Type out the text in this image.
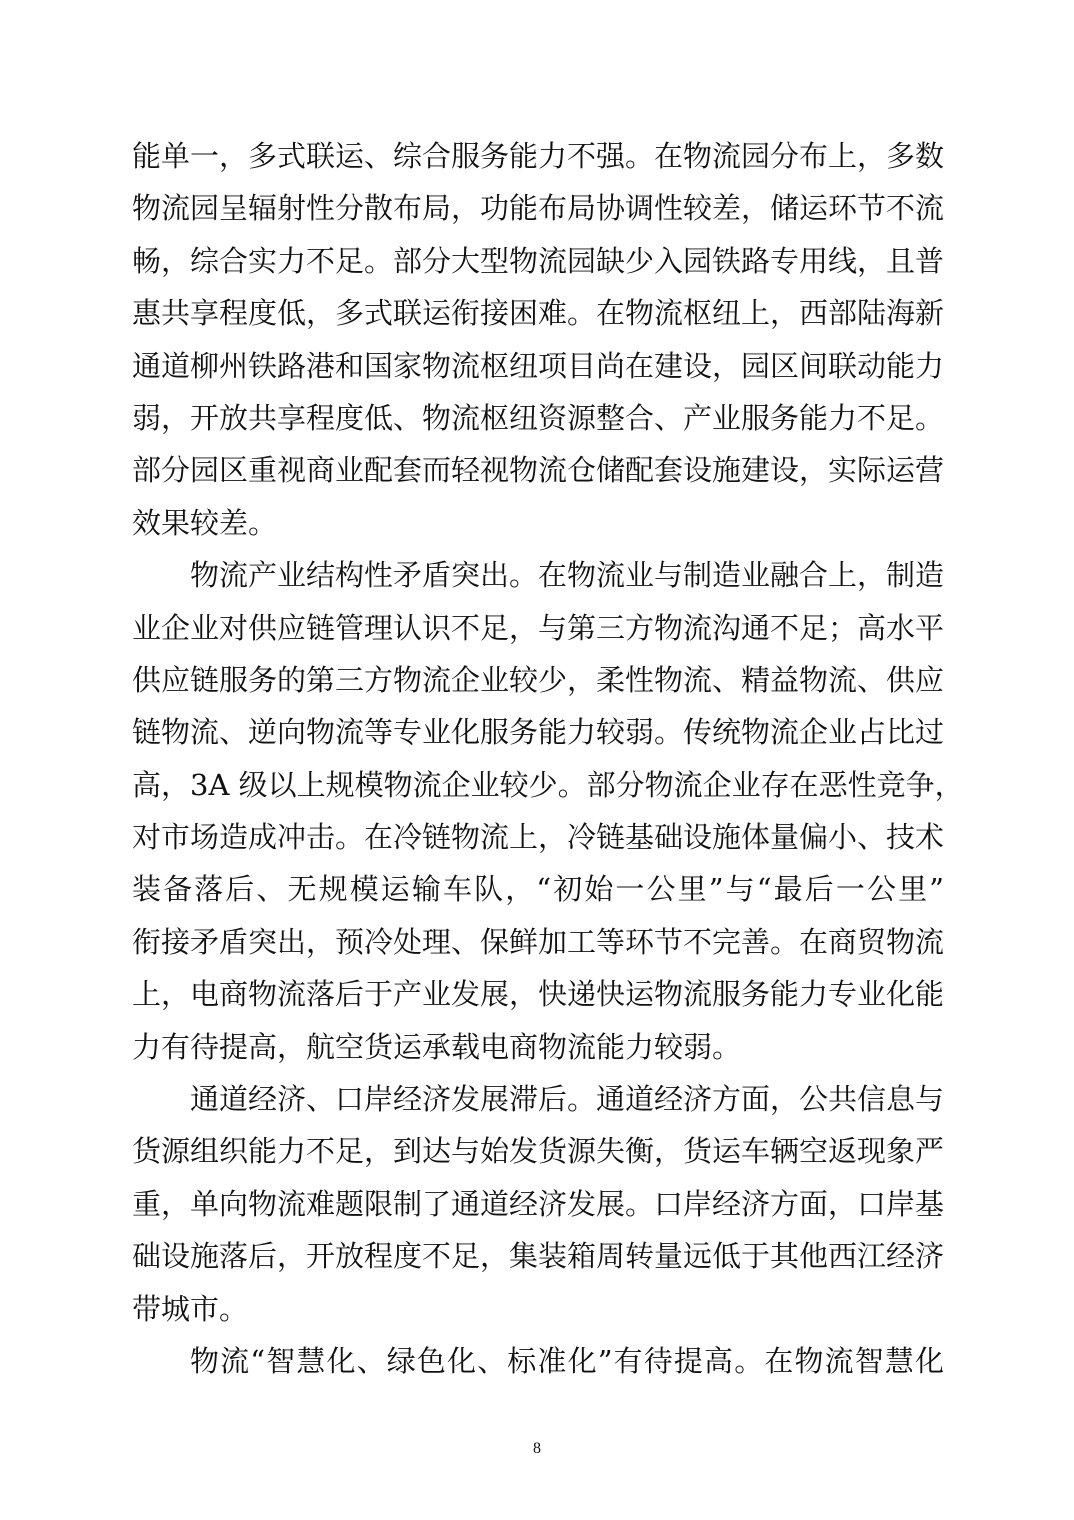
能单一，多式联运、综合服务能力不强。在物流园分布上，多数
物流园呈辐射性分散布局，功能布局协调性较差，储运环节不流
畅，综合实力不足。部分大型物流园缺少入园铁路专用线，且普
惠共享程度低，多式联运衔接困难。在物流枢纽上，西部陆海新
通道柳州铁路港和国家物流枢纽项目尚在建设，园区间联动能力
弱，开放共享程度低、物流枢纽资源整合、产业服务能力不足。
部分园区重视商业配套而轻视物流仓储配套设施建设，实际运营
效果较差。
物流产业结构性矛盾突出。在物流业与制造业融合上，制造
业企业对供应链管理认识不足，与第三方物流沟通不足；高水平
供应链服务的第三方物流企业较少，柔性物流、精益物流、供应
链物流、逆向物流等专业化服务能力较弱。传统物流企业占比过
高，3A 级以上规模物流企业较少。部分物流企业存在恶性竞争，
对市场造成冲击。在冷链物流上，冷链基础设施体量偏小、技术
装备落后、无规模运输车队，“初始一公里”与“最后一公里”
衔接矛盾突出，预冷处理、保鲜加工等环节不完善。在商贸物流
上，电商物流落后于产业发展，快递快运物流服务能力专业化能
力有待提高，航空货运承载电商物流能力较弱。
通道经济、口岸经济发展滞后。通道经济方面，公共信息与
货源组织能力不足，到达与始发货源失衡，货运车辆空返现象严
重，单向物流难题限制了通道经济发展。口岸经济方面，口岸基
础设施落后，开放程度不足，集装箱周转量远低于其他西江经济
带城市。
物流“智慧化、绿色化、标准化”有待提高。在物流智慧化
8
